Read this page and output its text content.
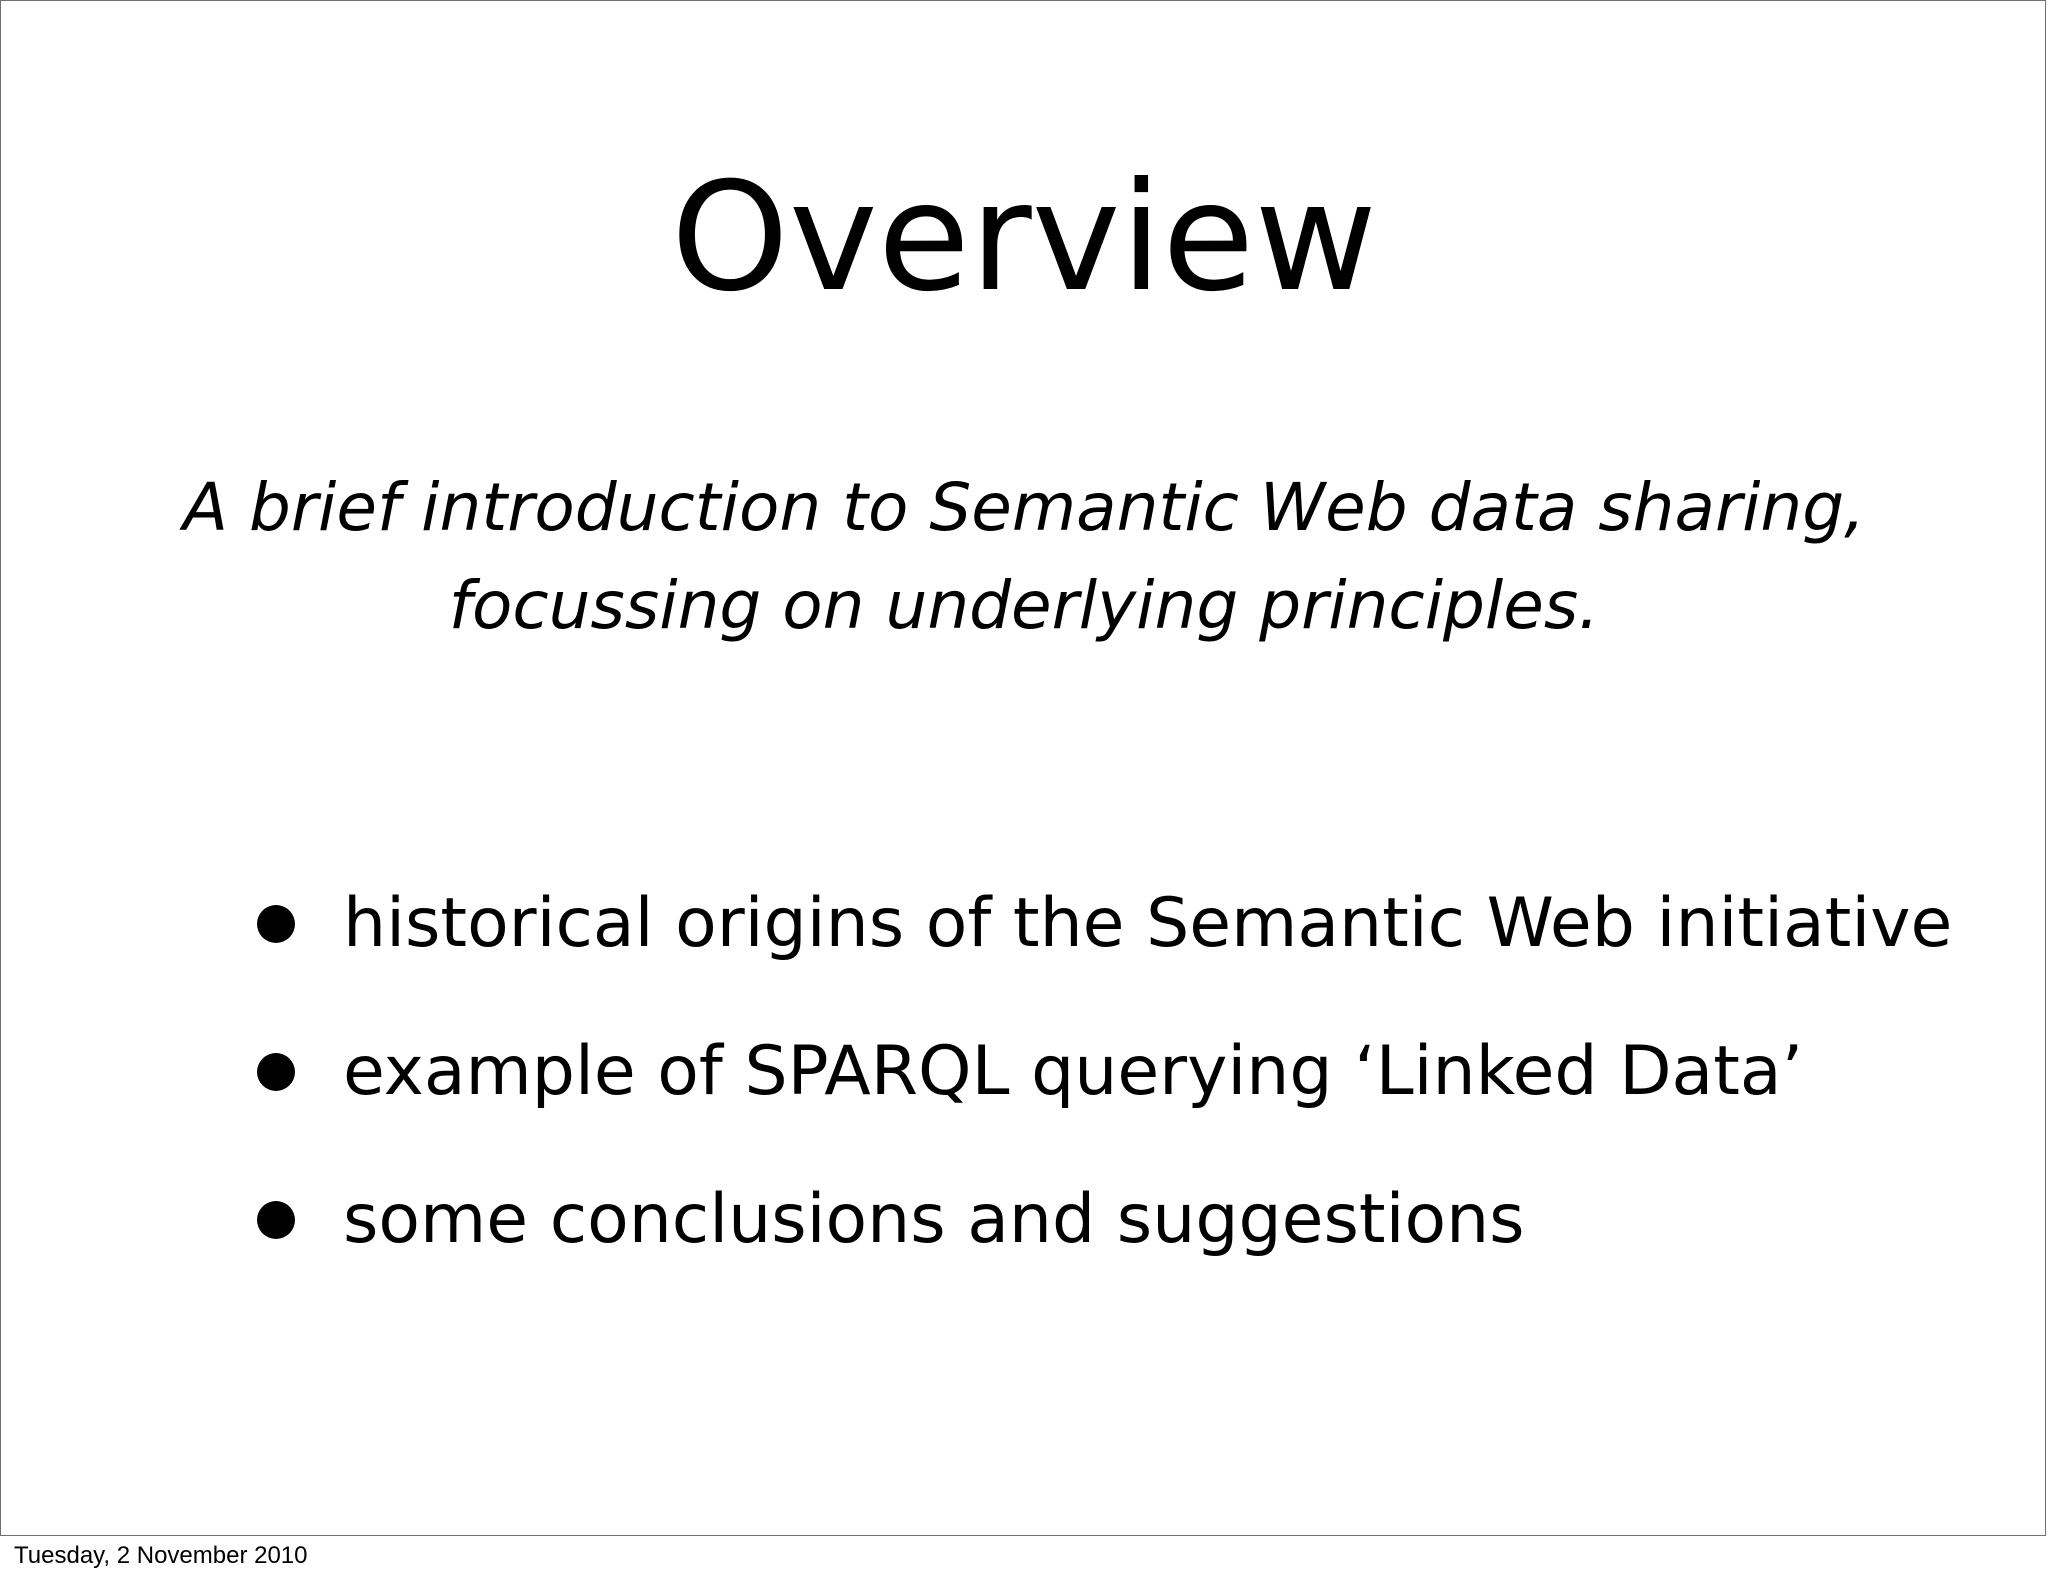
Overview

A brief introduction to Semantic Web data sharing,
focussing on underlying principles.

historical origins of the Semantic Web initiative
example of SPARQL querying ‘Linked Data’
some conclusions and suggestions
Tuesday, 2 November 2010
